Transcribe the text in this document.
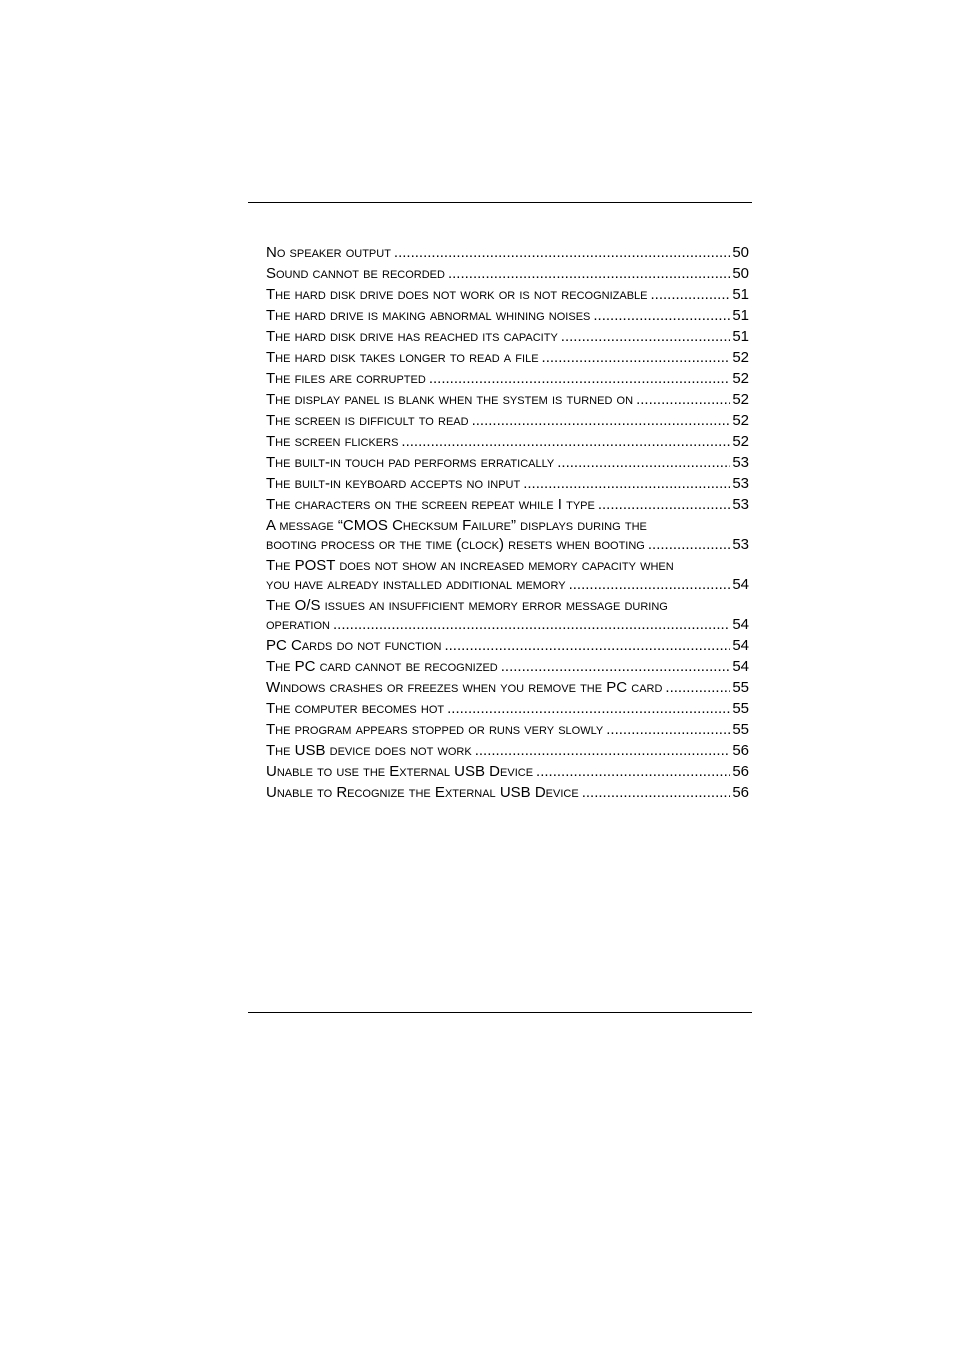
No speaker output .....	50
Sound cannot be recorded .....	50
The hard disk drive does not work or is not recognizable .....	51
The hard drive is making abnormal whining noises .....	51
The hard disk drive has reached its capacity .....	51
The hard disk takes longer to read a file .....	52
The files are corrupted .....	52
The display panel is blank when the system is turned on .....	52
The screen is difficult to read .....	52
The screen flickers .....	52
The built-in touch pad performs erratically .....	53
The built-in keyboard accepts no input .....	53
The characters on the screen repeat while I type .....	53
A message “CMOS Checksum Failure” displays during the
booting process or the time (clock) resets when booting .....	53
The POST does not show an increased memory capacity when
you have already installed additional memory .....	54
The O/S issues an insufficient memory error message during
operation .....	54
PC Cards do not function .....	54
The PC card cannot be recognized .....	54
Windows crashes or freezes when you remove the PC card .....	55
The computer becomes hot .....	55
The program appears stopped or runs very slowly .....	55
The USB device does not work .....	56
Unable to use the External USB Device .....	56
Unable to Recognize the External USB Device .....	56
